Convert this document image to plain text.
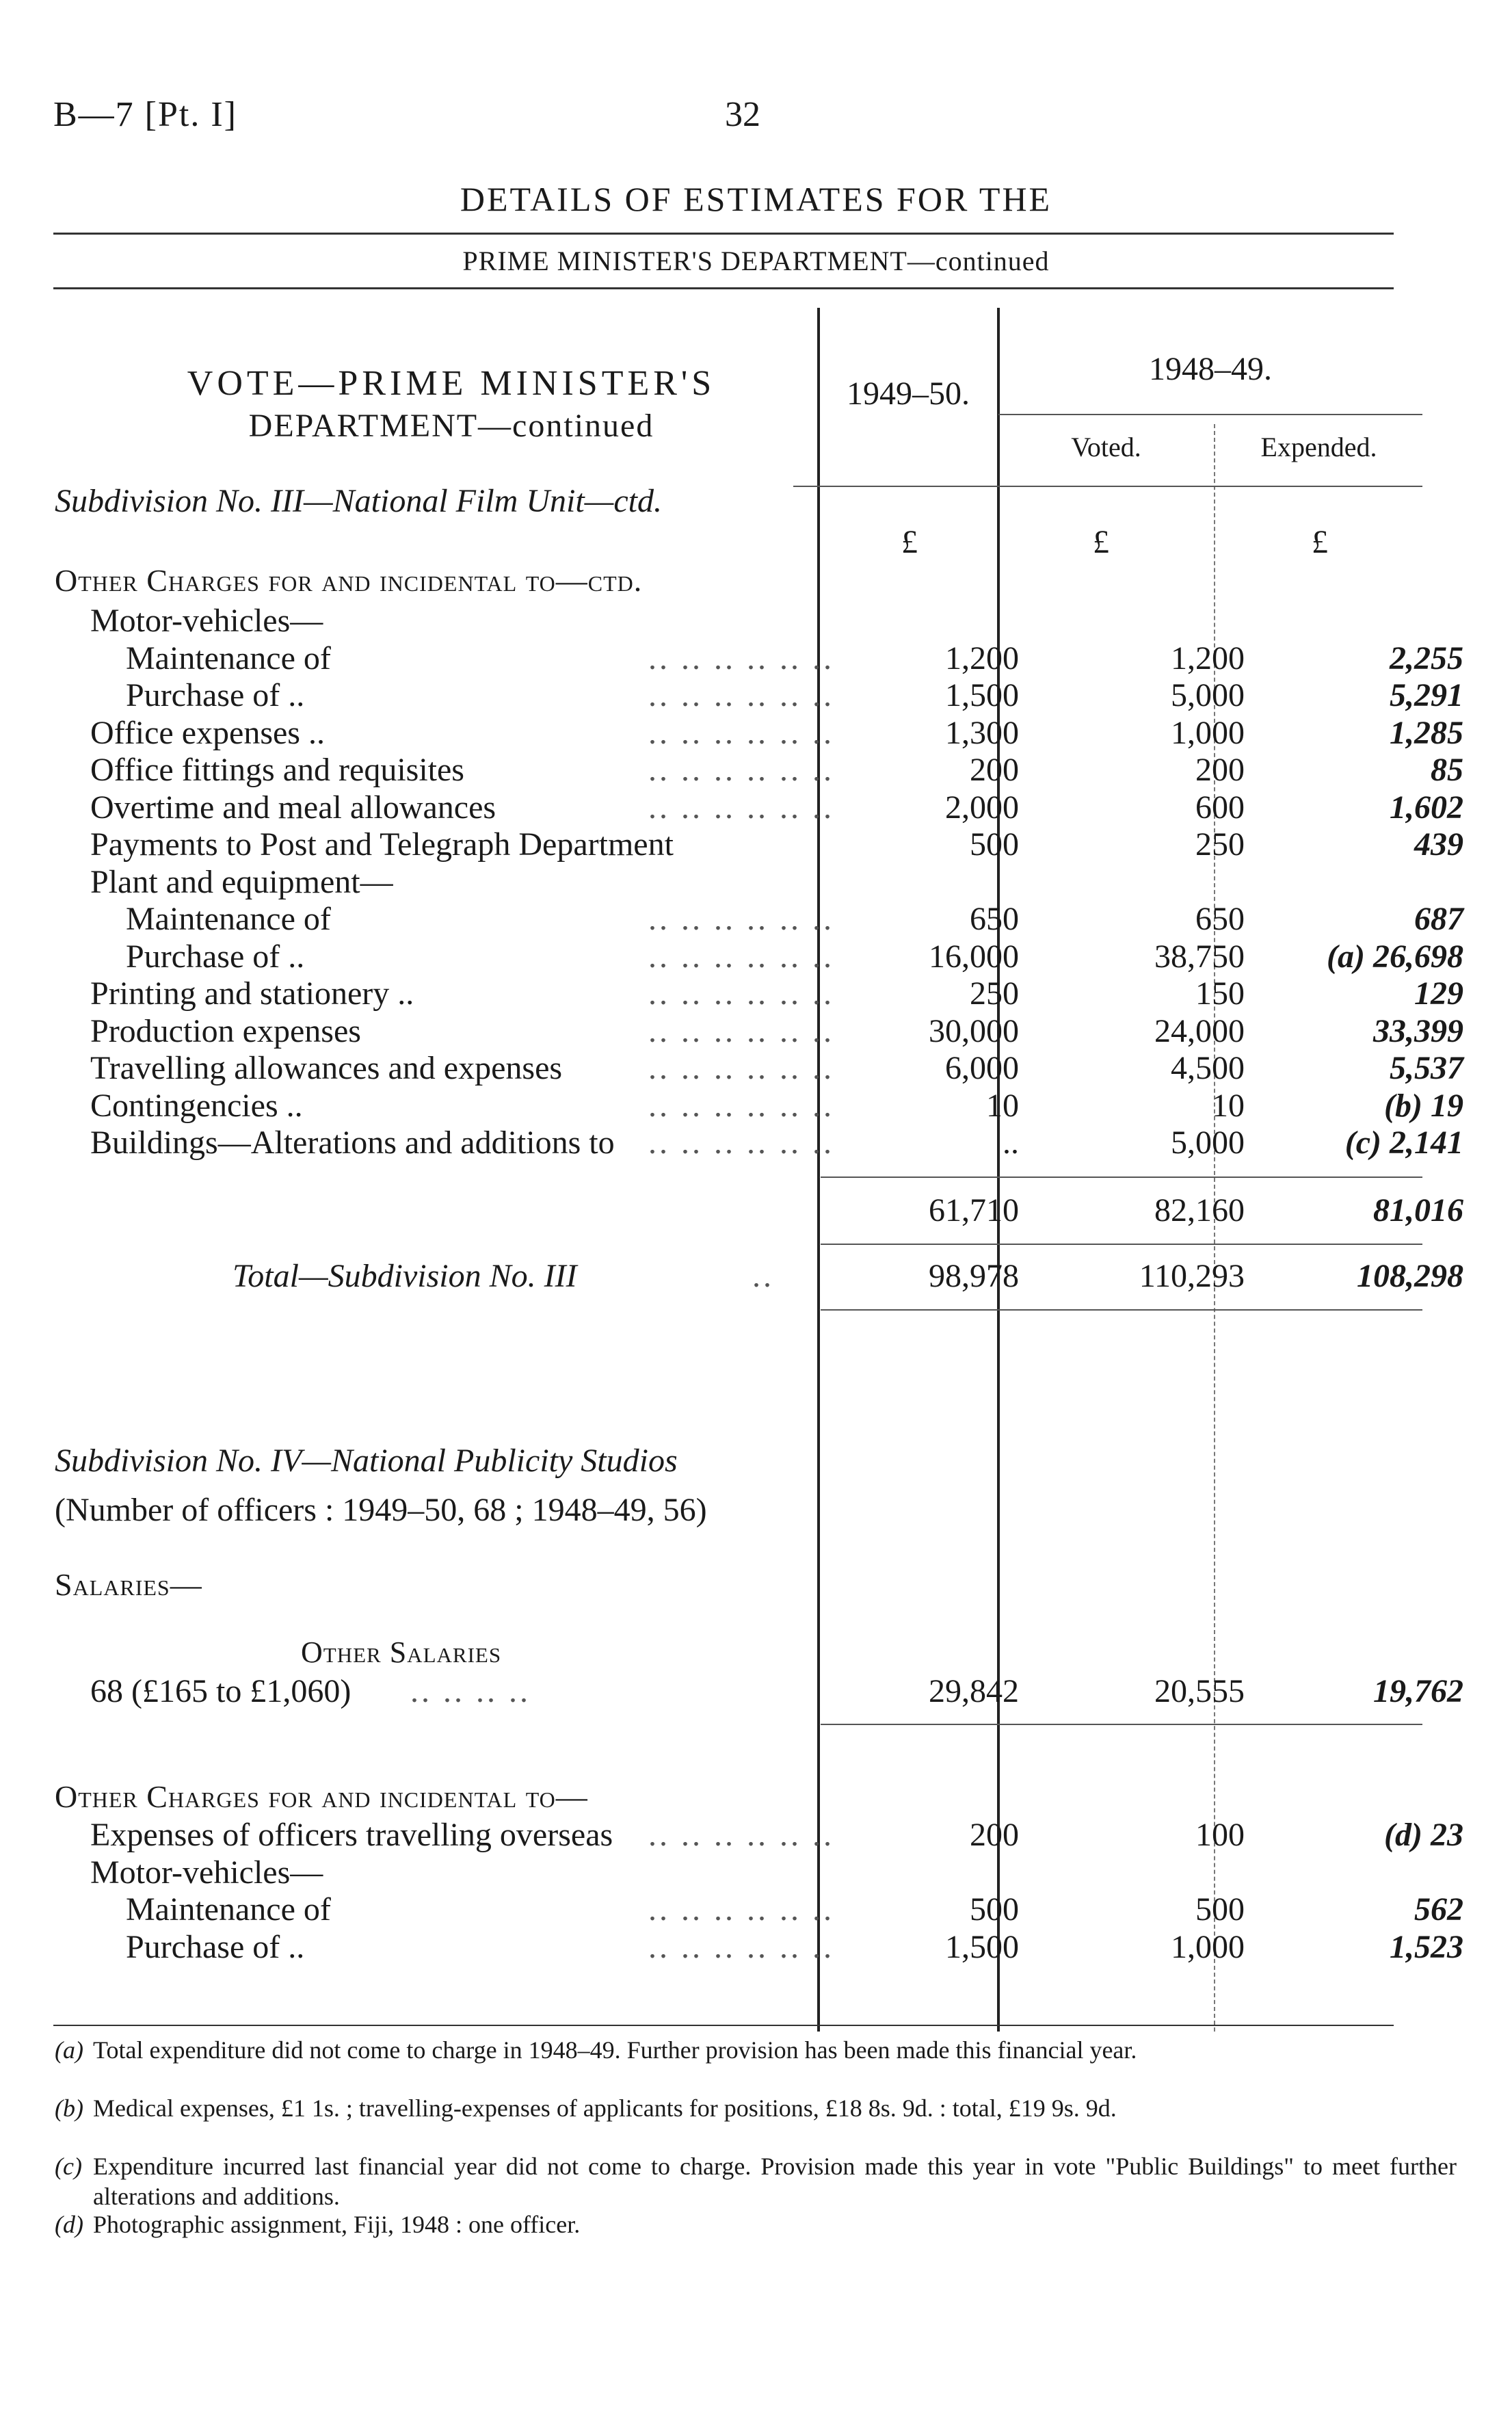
B—7 [Pt. I]	32
DETAILS OF ESTIMATES FOR THE
PRIME MINISTER'S DEPARTMENT—continued
VOTE—PRIME MINISTER'S
DEPARTMENT—continued
1949–50.
1948–49.
Voted.	Expended.
Subdivision No. III—National Film Unit—ctd.
£	£	£
Other Charges for and incidental to—ctd.
Motor-vehicles—
Maintenance of	.. .. .. .. .. ..	1,200	1,200	2,255
Purchase of ..	.. .. .. .. .. ..	1,500	5,000	5,291
Office expenses ..	.. .. .. .. .. ..	1,300	1,000	1,285
Office fittings and requisites	.. .. .. .. .. ..	200	200	85
Overtime and meal allowances	.. .. .. .. .. ..	2,000	600	1,602
Payments to Post and Telegraph Department	500	250	439
Plant and equipment—
Maintenance of	.. .. .. .. .. ..	650	650	687
Purchase of ..	.. .. .. .. .. ..	16,000	38,750	(a) 26,698
Printing and stationery ..	.. .. .. .. .. ..	250	150	129
Production expenses	.. .. .. .. .. ..	30,000	24,000	33,399
Travelling allowances and expenses	.. .. .. .. .. ..	6,000	4,500	5,537
Contingencies ..	.. .. .. .. .. ..	10	10	(b) 19
Buildings—Alterations and additions to	.. .. .. .. .. ..	..	5,000	(c) 2,141
61,710	82,160	81,016
Total—Subdivision No. III	..	98,978	110,293	108,298
Subdivision No. IV—National Publicity Studios
(Number of officers : 1949–50, 68 ; 1948–49, 56)
Salaries—
Other Salaries
68 (£165 to £1,060) .. .. .. ..	29,842	20,555	19,762
Other Charges for and incidental to—
Expenses of officers travelling overseas	.. .. .. .. .. ..	200	100	(d) 23
Motor-vehicles—
Maintenance of	.. .. .. .. .. ..	500	500	562
Purchase of ..	.. .. .. .. .. ..	1,500	1,000	1,523
(a) Total expenditure did not come to charge in 1948–49. Further provision has been made this financial year.
(b) Medical expenses, £1 1s. ; travelling-expenses of applicants for positions, £18 8s. 9d. : total, £19 9s. 9d.
(c) Expenditure incurred last financial year did not come to charge. Provision made this year in vote "Public Buildings" to meet further alterations and additions.
(d) Photographic assignment, Fiji, 1948 : one officer.
